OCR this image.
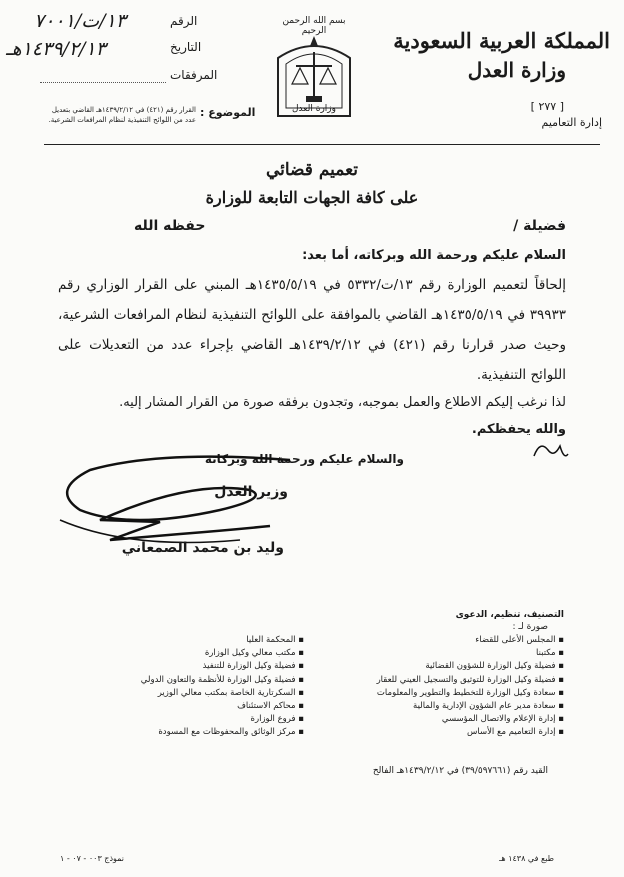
المملكة العربية السعودية
وزارة العدل
[ ٢٧٧ ]
إدارة التعاميم
بسم الله الرحمن الرحيم
وزارة العدل
الرقم
١٣/ت/٧٠٠١
التاريخ
١٤٣٩/٢/١٣هـ
المرفقات
الموضوع :
القرار رقم (٤٢١) في ١٤٣٩/٢/١٢هـ القاضي بتعديل
عدد من اللوائح التنفيذية لنظام المرافعات الشرعية.
تعميم قضائي
على كافة الجهات التابعة للوزارة
فضيلة /
حفظه الله
السلام عليكم ورحمة الله وبركاته، أما بعد:
إلحاقاً لتعميم الوزارة رقم ١٣/ت/٥٣٣٢ في ١٤٣٥/٥/١٩هـ المبني على القرار الوزاري رقم ٣٩٩٣٣ في ١٤٣٥/٥/١٩هـ القاضي بالموافقة على اللوائح التنفيذية لنظام المرافعات الشرعية، وحيث صدر قرارنا رقم (٤٢١) في ١٤٣٩/٢/١٢هـ القاضي بإجراء عدد من التعديلات على اللوائح التنفيذية.
لذا نرغب إليكم الاطلاع والعمل بموجبه، وتجدون برفقه صورة من القرار المشار إليه.
والله يحفظكم.
والسلام عليكم ورحمة الله وبركاته
وزير العدل
وليد بن محمد الصمعاني
التصنيف، تنظيم، الدعوى
صورة لـ :
▪ المجلس الأعلى للقضاء
▪ مكتبنا
▪ فضيلة وكيل الوزارة للشؤون القضائية
▪ فضيلة وكيل الوزارة للتوثيق والتسجيل العيني للعقار
▪ سعادة وكيل الوزارة للتخطيط والتطوير والمعلومات
▪ سعادة مدير عام الشؤون الإدارية والمالية
▪ إدارة الإعلام والاتصال المؤسسي
▪ إدارة التعاميم مع الأساس
▪ المحكمة العليا
▪ مكتب معالي وكيل الوزارة
▪ فضيلة وكيل الوزارة للتنفيذ
▪ فضيلة وكيل الوزارة للأنظمة والتعاون الدولي
▪ السكرتارية الخاصة بمكتب معالي الوزير
▪ محاكم الاستئناف
▪ فروع الوزارة
▪ مركز الوثائق والمحفوظات مع المسودة
القيد رقم (٣٩/٥٩٧٦٦١) في ١٤٣٩/٢/١٢هـ الفالح
نموذج ٠٠٣ - ٠٧ - ١	طبع في ١٤٣٨ هـ
